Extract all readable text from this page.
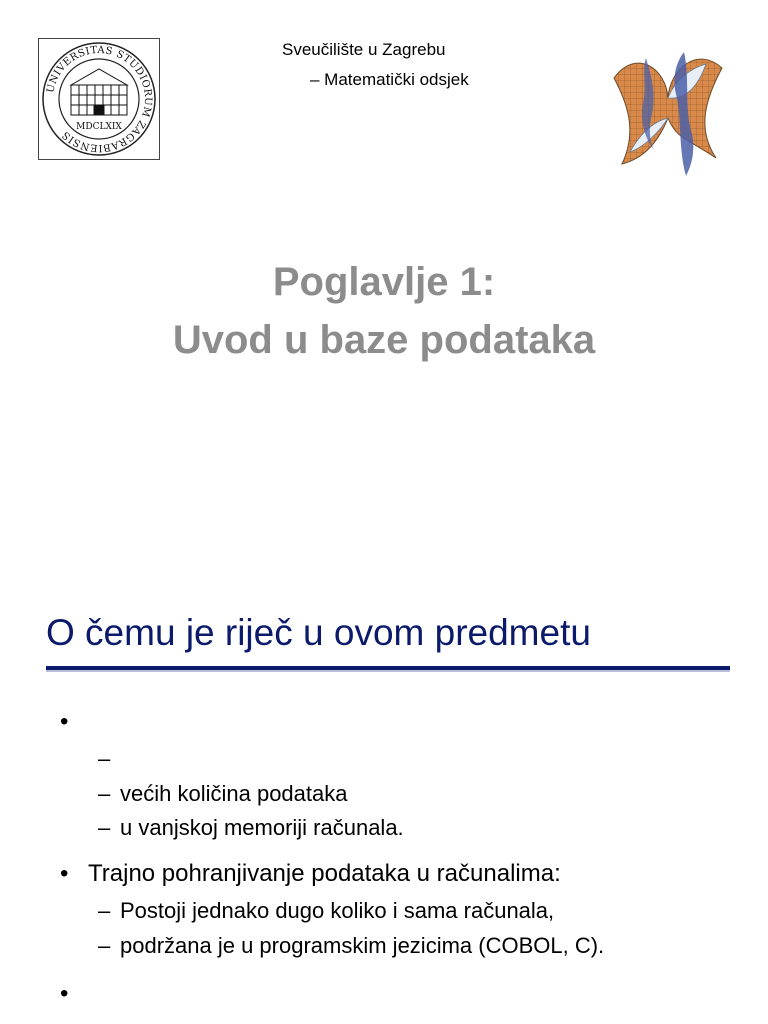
UNIVERSITAS STUDIORUM ZAGRABIENSIS
MDCLXIX
Sveučilište u Zagrebu
– Matematički odsjek
Poglavlje 1:
Uvod u baze podataka
O čemu je riječ u ovom predmetu
•
–
– većih količina podataka
– u vanjskoj memoriji računala.
• Trajno pohranjivanje podataka u računalima:
– Postoji jednako dugo koliko i sama računala,
– podržana je u programskim jezicima (COBOL, C).
•
